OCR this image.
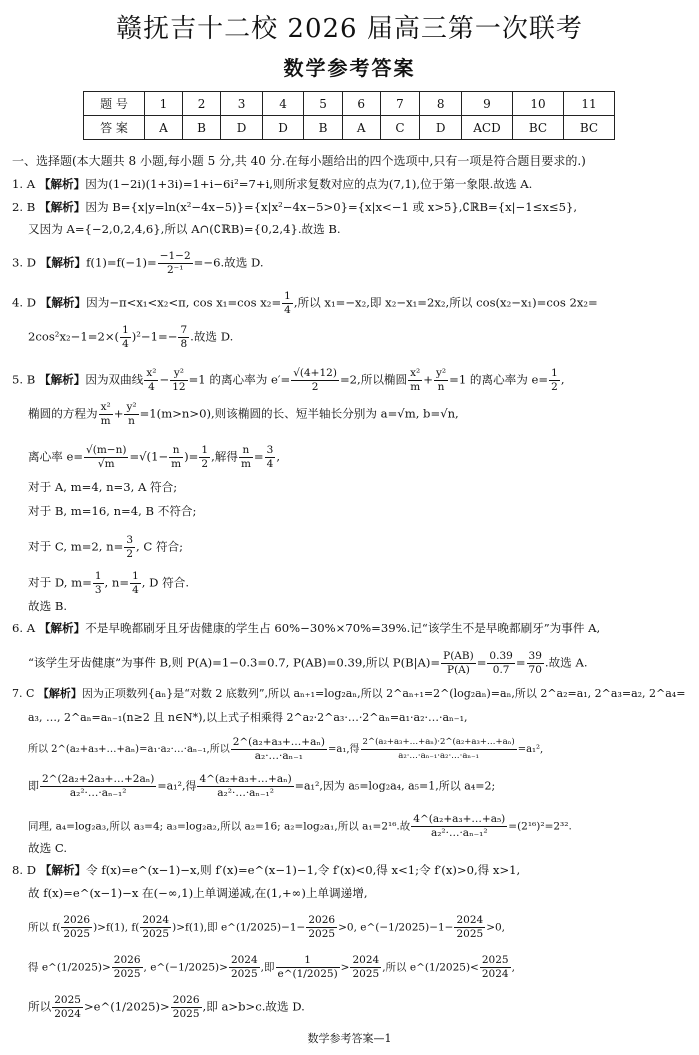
赣抚吉十二校 2026 届高三第一次联考
数学参考答案
题 号	1	2	3	4	5	6	7	8	9	10	11
答 案	A	B	D	D	B	A	C	D	ACD	BC	BC
一、选择题(本大题共 8 小题,每小题 5 分,共 40 分.在每小题给出的四个选项中,只有一项是符合题目要求的.)
1. A 【解析】因为(1−2i)(1+3i)=1+i−6i²=7+i,则所求复数对应的点为(7,1),位于第一象限.故选 A.
2. B 【解析】因为 B={x|y=ln(x²−4x−5)}={x|x²−4x−5>0}={x|x<−1 或 x>5},∁ℝB={x|−1≤x≤5},
又因为 A={−2,0,2,4,6},所以 A∩(∁ℝB)={0,2,4}.故选 B.
3. D 【解析】$f(1)=f(-1)= \frac{-1-2}{\text{2⁻¹}} =-6$.故选 D.
4. D 【解析】因为−π<x₁<x₂<π, cos x₁=cos $x_2= \frac{1}{4}$ ,所以 x₁=−x₂,即 x₂−x₁=2x₂,所以 cos(x₂−x₁)=cos 2x₂=
$2\cos^2x_2-1=2\times( \frac{1}{4} )^2-1=- \frac{7}{8}$ .故选 D.
5. B 【解析】因为双曲线 $\frac{\text{x²}}{4} - \frac{\text{y²}}{12} =1$ 的离心率为 $e'= \frac{√(4+12)}{2} =2$,所以椭圆 $\frac{\text{x²}}{m} + \frac{\text{y²}}{n} =1$ 的离心率为 $e= \frac{1}{2}$ ,
椭圆的方程为 $\frac{\text{x²}}{m} + \frac{\text{y²}}{n} =1(m>n>0)$,则该椭圆的长、短半轴长分别为 a=√m, b=√n,
离心率 $e= \frac{√(m-n)}{√m} =√(1- \frac{n}{m}$ )= $\frac{1}{2}$ ,解得 $\frac{n}{m} = \frac{3}{4}$ ,
对于 A, m=4, n=3, A 符合;
对于 B, m=16, n=4, B 不符合;
对于 C, m=2, $n= \frac{3}{2}$ , C 符合;
对于 D, $m= \frac{1}{3}$ , $n= \frac{1}{4}$ , D 符合.
故选 B.
6. A 【解析】不是早晚都刷牙且牙齿健康的学生占 60%−30%×70%=39%.记“该学生不是早晚都刷牙”为事件 A,
“该学生牙齿健康”为事件 B,则 P(A)=1−0.3=0.7, P(AB)=0.39,所以 $P(B|A)= \frac{P(AB)}{P(A)} = \frac{0.39}{0.7} = \frac{39}{70}$ .故选 A.
7. C 【解析】因为正项数列{aₙ}是“对数 2 底数列”,所以 aₙ₊₁=log₂aₙ,所以 2^aₙ₊₁=2^(log₂aₙ)=aₙ,所以 2^a₂=a₁, 2^a₃=a₂, 2^a₄=
a₃, …, 2^aₙ=aₙ₋₁(n≥2 且 n∈N*),以上式子相乘得 2^a₂·2^a₃·…·2^aₙ=a₁·a₂·…·aₙ₋₁,
所以 2^(a₂+a₃+…+aₙ)=a₁·a₂·…·aₙ₋₁,所以 $\frac{\text{2\textasciicircum{}(a₂+a₃+…+aₙ)}}{\text{a₂·…·aₙ₋₁}} =a_1$,得 $\frac{\text{2\textasciicircum{}(a₂+a₃+…+aₙ)·2\textasciicircum{}(a₂+a₃+…+aₙ)}}{\text{a₂·…·aₙ₋₁·a₂·…·aₙ₋₁}} =a_1^2$,
即 $\frac{\text{2\textasciicircum{}(2a₂+2a₃+…+2aₙ)}}{\text{a₂²·…·aₙ₋₁²}} =a_1^2$,得 $\frac{\text{4\textasciicircum{}(a₂+a₃+…+aₙ)}}{\text{a₂²·…·aₙ₋₁²}} =a_1^2$,因为 a₅=log₂a₄, a₅=1,所以 a₄=2;
同理, a₄=log₂a₃,所以 a₃=4; a₃=log₂a₂,所以 a₂=16; a₂=log₂a₁,所以 a₁=2¹⁶.故 $\frac{\text{4\textasciicircum{}(a₂+a₃+…+a₅)}}{\text{a₂²·…·aₙ₋₁²}} =(2^{16})^2=2^{32}$.
故选 C.
8. D 【解析】令 f(x)=e^(x−1)−x,则 f′(x)=e^(x−1)−1,令 f′(x)<0,得 x<1;令 f′(x)>0,得 x>1,
故 f(x)=e^(x−1)−x 在(−∞,1)上单调递减,在(1,+∞)上单调递增,
所以 $f( \frac{2026}{2025} )>f(1)$, $f( \frac{2024}{2025} )>f(1)$,即 e^(1/2025)−1− $\frac{2026}{2025} >0$, e^(−1/2025)−1− $\frac{2024}{2025} >0$,
得 e^(1/2025)> $\frac{2026}{2025}$ , e^(−1/2025)> $\frac{2024}{2025}$ ,即 $\frac{1}{e\^{}(1/2025)} > \frac{2024}{2025}$ ,所以 e^(1/2025)< $\frac{2025}{2024}$ ,
所以 $\frac{2025}{2024}$ >e^(1/2025)> $\frac{2026}{2025}$ ,即 a>b>c.故选 D.
数学参考答案—1
